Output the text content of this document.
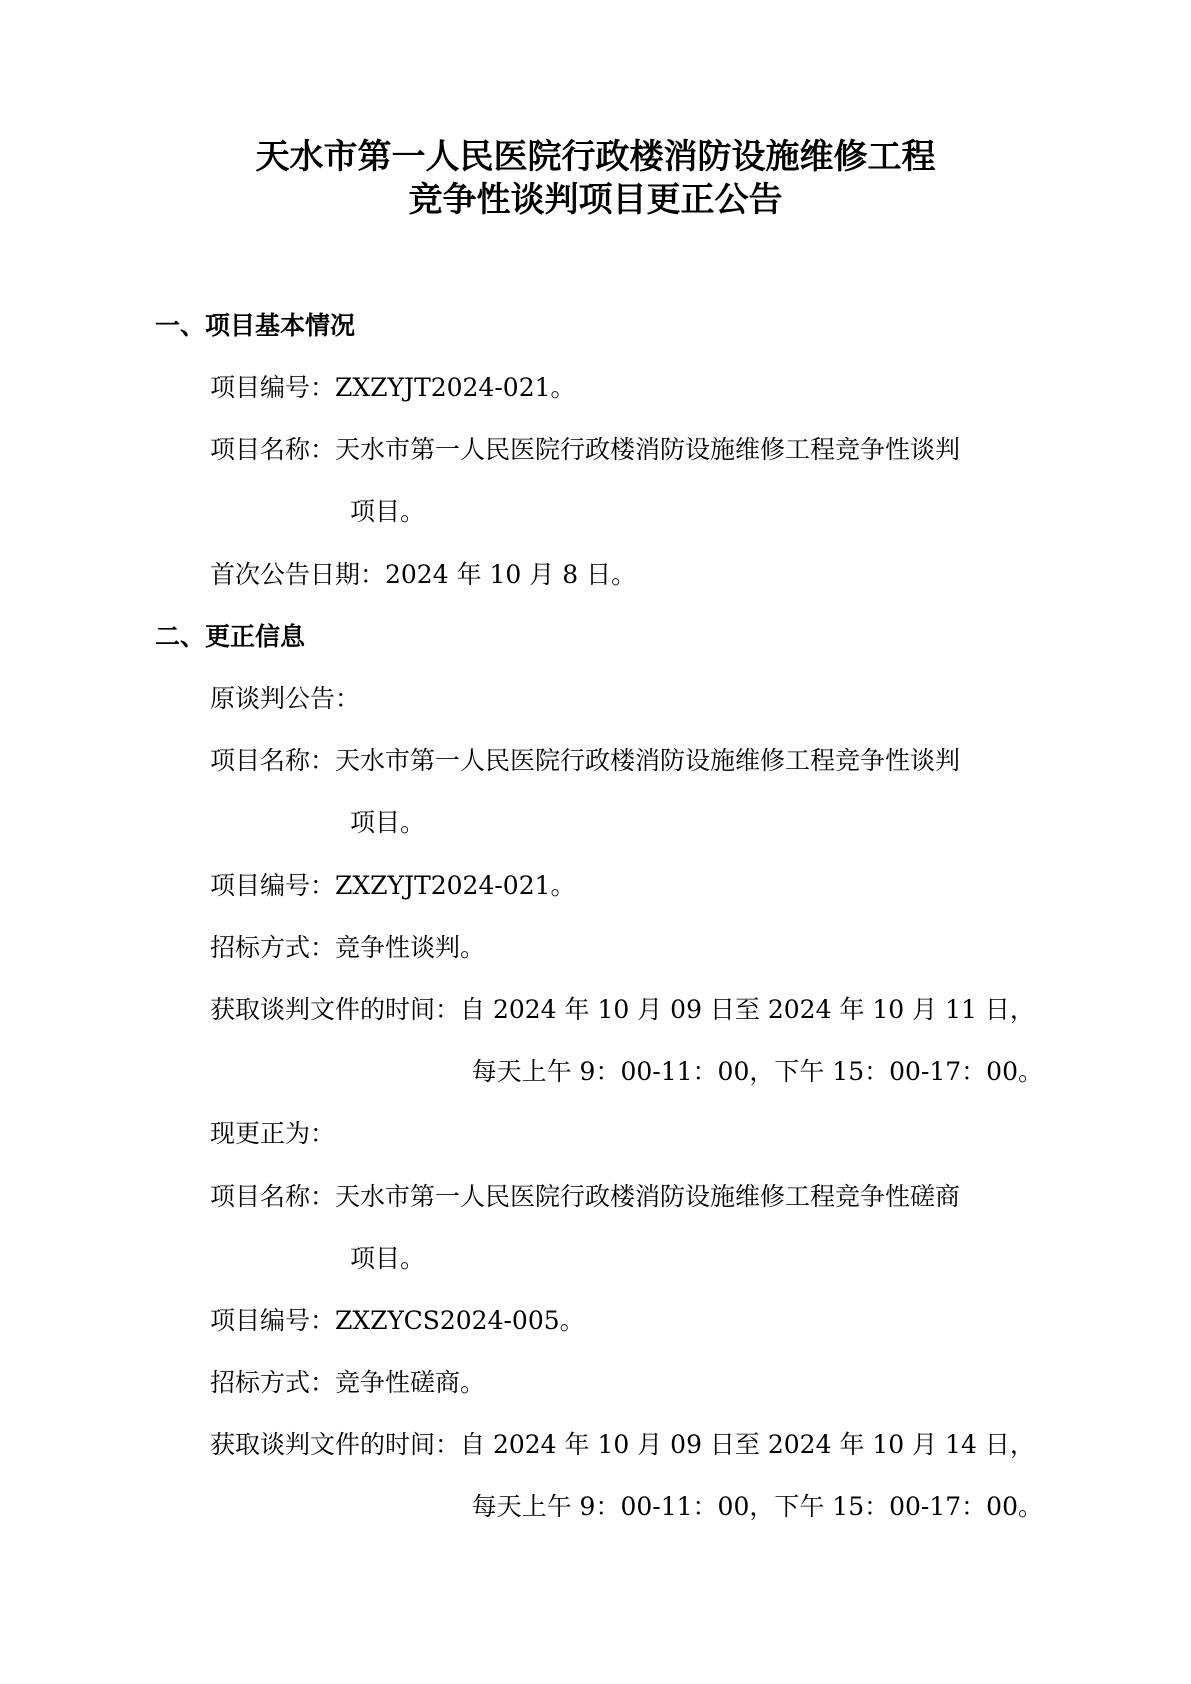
天水市第一人民医院行政楼消防设施维修工程
竞争性谈判项目更正公告
一、项目基本情况

项目编号：ZXZYJT2024-021。

项目名称：天水市第一人民医院行政楼消防设施维修工程竞争性谈判

项目。

首次公告日期：2024 年 10 月 8 日。

二、更正信息

原谈判公告：

项目名称：天水市第一人民医院行政楼消防设施维修工程竞争性谈判

项目。

项目编号：ZXZYJT2024-021。

招标方式：竞争性谈判。

获取谈判文件的时间：自 2024 年 10 月 09 日至 2024 年 10 月 11 日，

每天上午 9：00-11：00，下午 15：00-17：00。

现更正为：

项目名称：天水市第一人民医院行政楼消防设施维修工程竞争性磋商

项目。

项目编号：ZXZYCS2024-005。

招标方式：竞争性磋商。

获取谈判文件的时间：自 2024 年 10 月 09 日至 2024 年 10 月 14 日，

每天上午 9：00-11：00，下午 15：00-17：00。
